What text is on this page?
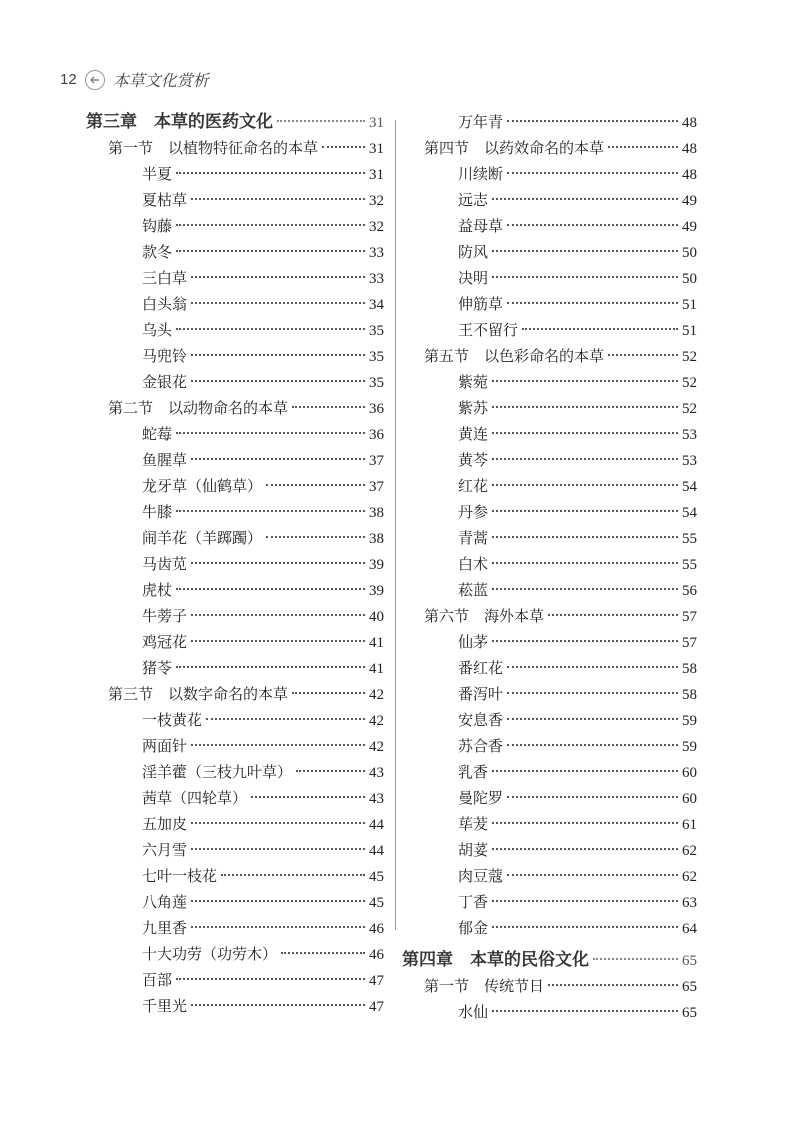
12 本草文化赏析
第三章　本草的医药文化	31
第一节　以植物特征命名的本草	31
半夏	31
夏枯草	32
钩藤	32
款冬	33
三白草	33
白头翁	34
乌头	35
马兜铃	35
金银花	35
第二节　以动物命名的本草	36
蛇莓	36
鱼腥草	37
龙牙草（仙鹤草）	37
牛膝	38
闹羊花（羊踯躅）	38
马齿苋	39
虎杖	39
牛蒡子	40
鸡冠花	41
猪苓	41
第三节　以数字命名的本草	42
一枝黄花	42
两面针	42
淫羊藿（三枝九叶草）	43
茜草（四轮草）	43
五加皮	44
六月雪	44
七叶一枝花	45
八角莲	45
九里香	46
十大功劳（功劳木）	46
百部	47
千里光	47
万年青	48
第四节　以药效命名的本草	48
川续断	48
远志	49
益母草	49
防风	50
决明	50
伸筋草	51
王不留行	51
第五节　以色彩命名的本草	52
紫菀	52
紫苏	52
黄连	53
黄芩	53
红花	54
丹参	54
青蒿	55
白术	55
菘蓝	56
第六节　海外本草	57
仙茅	57
番红花	58
番泻叶	58
安息香	59
苏合香	59
乳香	60
曼陀罗	60
荜茇	61
胡荽	62
肉豆蔻	62
丁香	63
郁金	64
第四章　本草的民俗文化	65
第一节　传统节日	65
水仙	65
